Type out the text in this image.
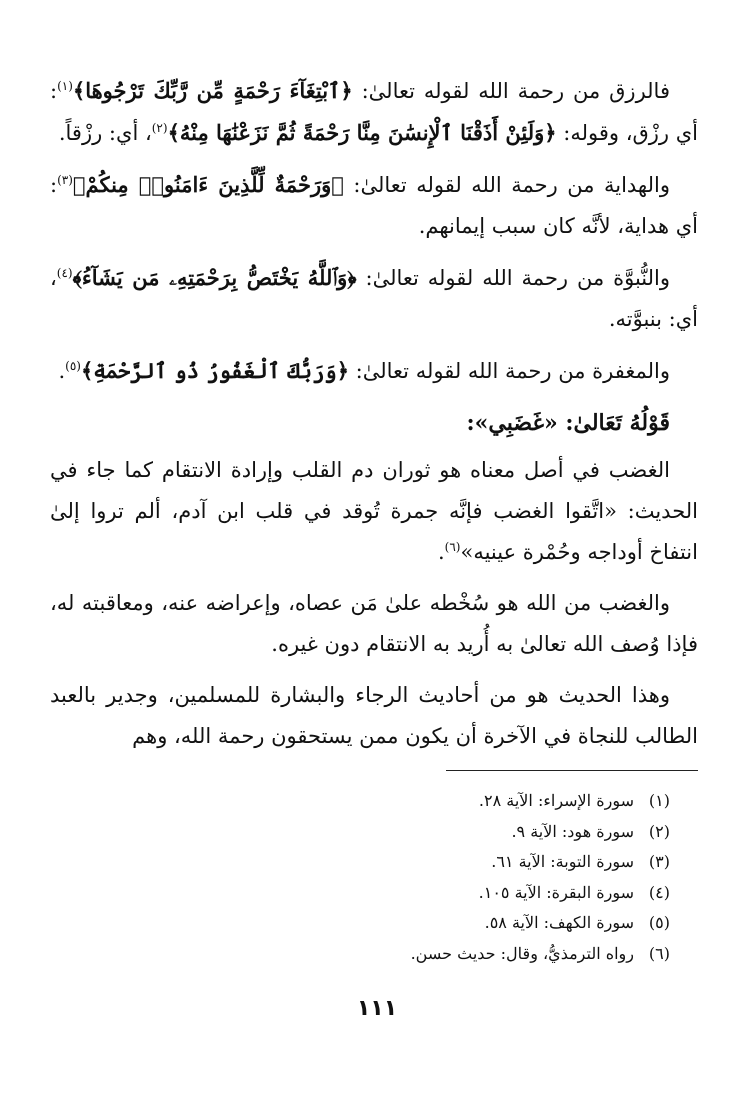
فالرزق من رحمة الله لقوله تعالىٰ: ﴿ٱبْتِغَآءَ رَحْمَةٍ مِّن رَّبِّكَ تَرْجُوهَا﴾$^{(١)}$: أي رزْق، وقوله: ﴿وَلَئِنْ أَذَقْنَا ٱلْإِنسَٰنَ مِنَّا رَحْمَةً ثُمَّ نَزَعْنَٰهَا مِنْهُ﴾$^{(٢)}$، أي: رزْقاً.

والهداية من رحمة الله لقوله تعالىٰ: ﴿وَرَحْمَةٌ لِّلَّذِينَ ءَامَنُوا۟ مِنكُمْ﴾$^{(٣)}$: أي هداية، لأنَّه كان سبب إيمانهم.

والنُّبوَّة من رحمة الله لقوله تعالىٰ: ﴿وَٱللَّهُ يَخْتَصُّ بِرَحْمَتِهِۦ مَن يَشَآءُ﴾$^{(٤)}$، أي: بنبوَّته.

والمغفرة من رحمة الله لقوله تعالىٰ: ﴿وَرَبُّكَ ٱلْغَفُورُ ذُو ٱلرَّحْمَةِ﴾$^{(٥)}$.

قَوْلُهُ تَعَالىٰ: «غَضَبِي»:

الغضب في أصل معناه هو ثوران دم القلب وإرادة الانتقام كما جاء في الحديث: «اتَّقوا الغضب فإنَّه جمرة تُوقد في قلب ابن آدم، ألم تروا إلىٰ انتفاخ أوداجه وحُمْرة عينيه»$^{(٦)}$.

والغضب من الله هو سُخْطه علىٰ مَن عصاه، وإعراضه عنه، ومعاقبته له، فإذا وُصف الله تعالىٰ به أُريد به الانتقام دون غيره.

وهذا الحديث هو من أحاديث الرجاء والبشارة للمسلمين، وجدير بالعبد الطالب للنجاة في الآخرة أن يكون ممن يستحقون رحمة الله، وهم

(١)سورة الإسراء: الآية ٢٨.
(٢)سورة هود: الآية ٩.
(٣)سورة التوبة: الآية ٦١.
(٤)سورة البقرة: الآية ١٠٥.
(٥)سورة الكهف: الآية ٥٨.
(٦)رواه الترمذيُّ، وقال: حديث حسن.
١١١
